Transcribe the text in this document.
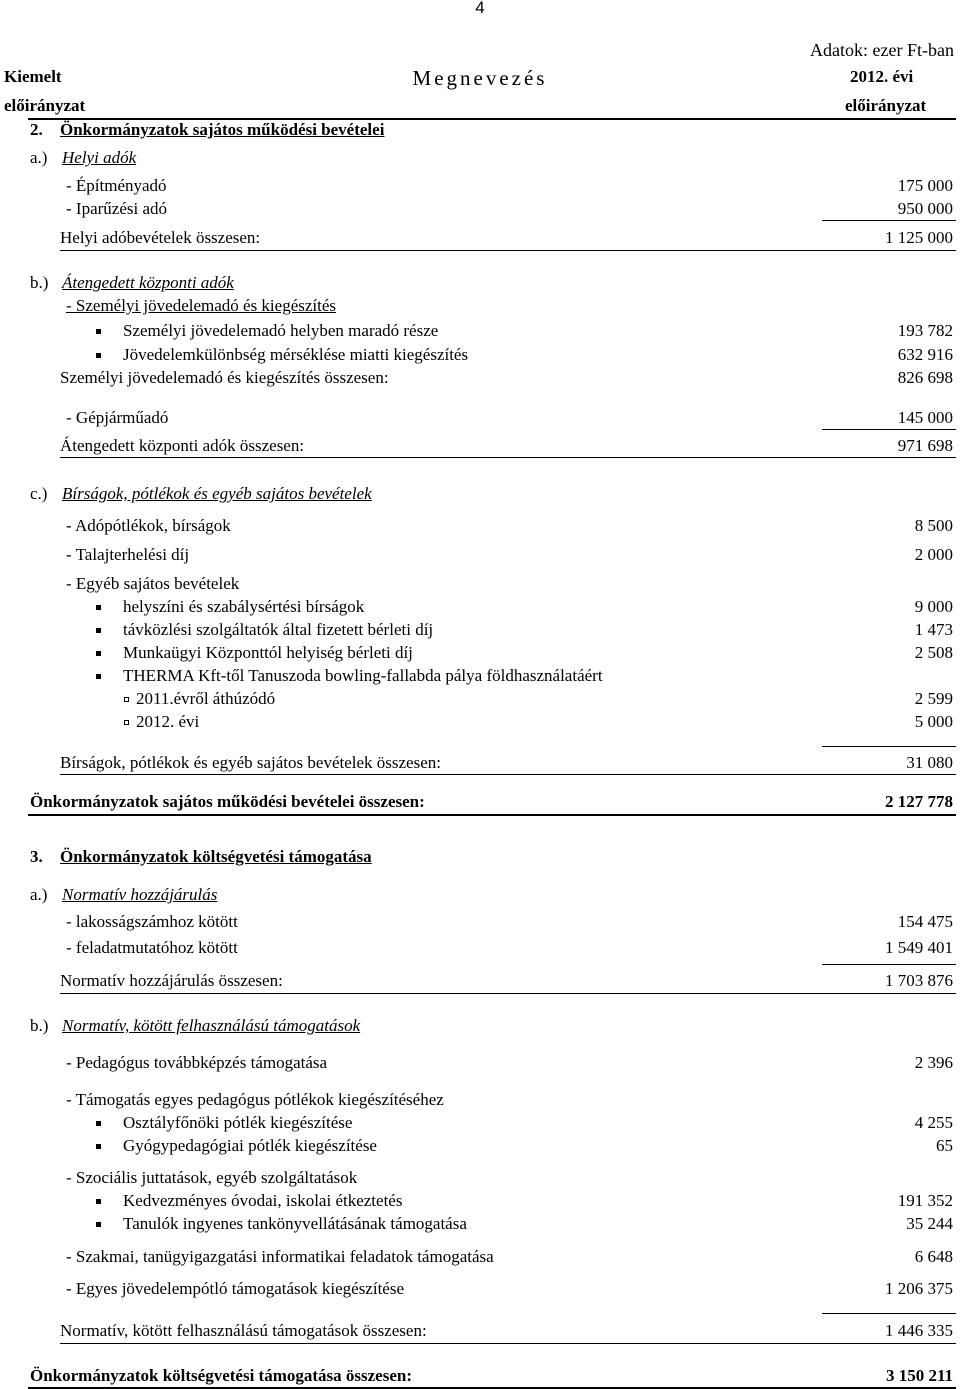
4
Adatok: ezer Ft-ban
Kiemelt
előirányzat
Megnevezés	2012. évi
előirányzat
2. Önkormányzatok sajátos működési bevételei
a.) Helyi adók
- Építményadó	175 000
- Iparűzési adó	950 000
Helyi adóbevételek összesen:	1 125 000
b.) Átengedett központi adók
- Személyi jövedelemadó és kiegészítés
Személyi jövedelemadó helyben maradó része	193 782
Jövedelemkülönbség mérséklése miatti kiegészítés	632 916
Személyi jövedelemadó és kiegészítés összesen:	826 698
- Gépjárműadó	145 000
Átengedett központi adók összesen:	971 698
c.) Bírságok, pótlékok és egyéb sajátos bevételek
- Adópótlékok, bírságok	8 500
- Talajterhelési díj	2 000
- Egyéb sajátos bevételek
helyszíni és szabálysértési bírságok	9 000
távközlési szolgáltatók által fizetett bérleti díj	1 473
Munkaügyi Központtól helyiség bérleti díj	2 508
THERMA Kft-től Tanuszoda bowling-fallabda pálya földhasználatáért
2011.évről áthúzódó	2 599
2012. évi	5 000
Bírságok, pótlékok és egyéb sajátos bevételek összesen:	31 080
Önkormányzatok sajátos működési bevételei összesen:	2 127 778
3. Önkormányzatok költségvetési támogatása
a.) Normatív hozzájárulás
- lakosságszámhoz kötött	154 475
- feladatmutatóhoz kötött	1 549 401
Normatív hozzájárulás összesen:	1 703 876
b.) Normatív, kötött felhasználású támogatások
- Pedagógus továbbképzés támogatása	2 396
- Támogatás egyes pedagógus pótlékok kiegészítéséhez
Osztályfőnöki pótlék kiegészítése	4 255
Gyógypedagógiai pótlék kiegészítése	65
- Szociális juttatások, egyéb szolgáltatások
Kedvezményes óvodai, iskolai étkeztetés	191 352
Tanulók ingyenes tankönyvellátásának támogatása	35 244
- Szakmai, tanügyigazgatási informatikai feladatok támogatása	6 648
- Egyes jövedelempótló támogatások kiegészítése	1 206 375
Normatív, kötött felhasználású támogatások összesen:	1 446 335
Önkormányzatok költségvetési támogatása összesen:	3 150 211
